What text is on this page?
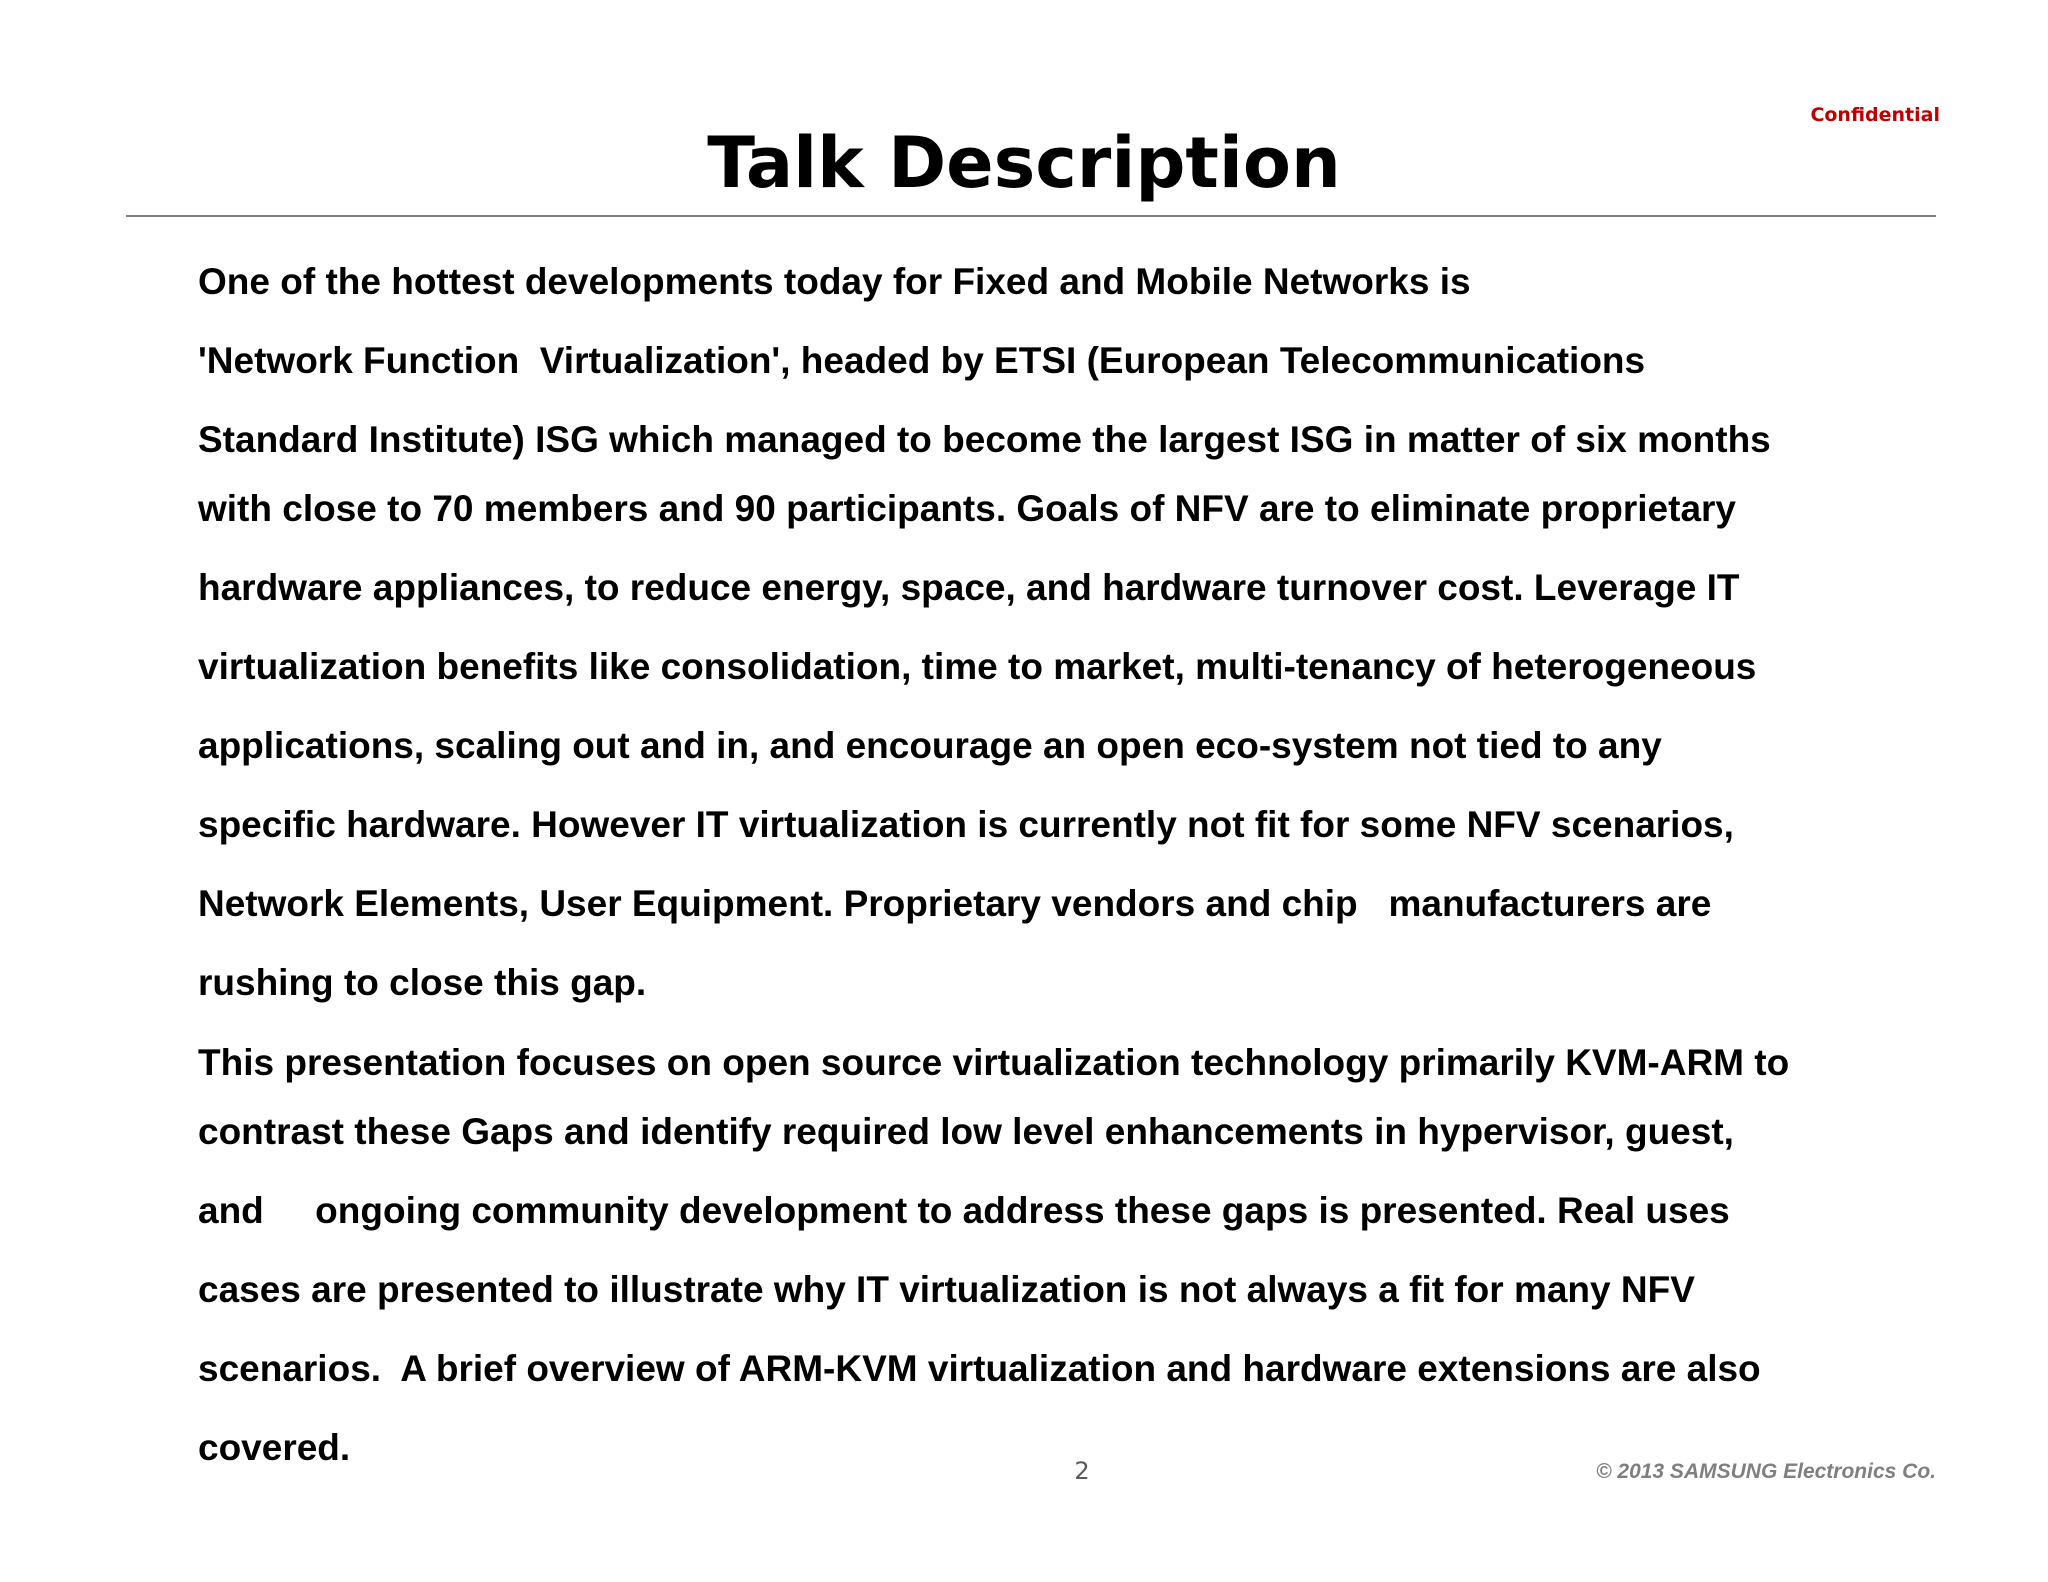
Confidential
Talk Description
One of the hottest developments today for Fixed and Mobile Networks is
'Network Function  Virtualization', headed by ETSI (European Telecommunications
Standard Institute) ISG which managed to become the largest ISG in matter of six months
with close to 70 members and 90 participants. Goals of NFV are to eliminate proprietary
hardware appliances, to reduce energy, space, and hardware turnover cost. Leverage IT
virtualization benefits like consolidation, time to market, multi-tenancy of heterogeneous
applications, scaling out and in, and encourage an open eco-system not tied to any
specific hardware. However IT virtualization is currently not fit for some NFV scenarios,
Network Elements, User Equipment. Proprietary vendors and chip   manufacturers are
rushing to close this gap.
This presentation focuses on open source virtualization technology primarily KVM-ARM to
contrast these Gaps and identify required low level enhancements in hypervisor, guest,
and     ongoing community development to address these gaps is presented. Real uses
cases are presented to illustrate why IT virtualization is not always a fit for many NFV
scenarios.  A brief overview of ARM-KVM virtualization and hardware extensions are also
covered.
2	© 2013 SAMSUNG Electronics Co.
